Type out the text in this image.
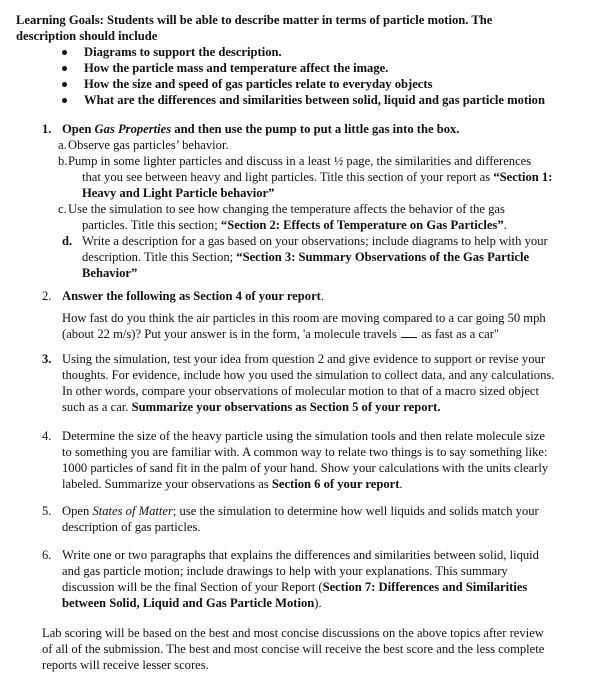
Learning Goals: Students will be able to describe matter in terms of particle motion. The
description should include
Diagrams to support the description.
How the particle mass and temperature affect the image.
How the size and speed of gas particles relate to everyday objects
What are the differences and similarities between solid, liquid and gas particle motion
1. Open Gas Properties and then use the pump to put a little gas into the box.
a. Observe gas particles’ behavior.
b. Pump in some lighter particles and discuss in a least ½ page, the similarities and differences
that you see between heavy and light particles. Title this section of your report as “Section 1:
Heavy and Light Particle behavior”
c. Use the simulation to see how changing the temperature affects the behavior of the gas
particles. Title this section; “Section 2: Effects of Temperature on Gas Particles”.
d. Write a description for a gas based on your observations; include diagrams to help with your
description. Title this Section; “Section 3: Summary Observations of the Gas Particle
Behavior”
2. Answer the following as Section 4 of your report.
How fast do you think the air particles in this room are moving compared to a car going 50 mph
(about 22 m/s)? Put your answer is in the form, 'a molecule travels as fast as a car"
3. Using the simulation, test your idea from question 2 and give evidence to support or revise your
thoughts. For evidence, include how you used the simulation to collect data, and any calculations.
In other words, compare your observations of molecular motion to that of a macro sized object
such as a car. Summarize your observations as Section 5 of your report.
4. Determine the size of the heavy particle using the simulation tools and then relate molecule size
to something you are familiar with. A common way to relate two things is to say something like:
1000 particles of sand fit in the palm of your hand. Show your calculations with the units clearly
labeled. Summarize your observations as Section 6 of your report.
5. Open States of Matter; use the simulation to determine how well liquids and solids match your
description of gas particles.
6. Write one or two paragraphs that explains the differences and similarities between solid, liquid
and gas particle motion; include drawings to help with your explanations. This summary
discussion will be the final Section of your Report (Section 7: Differences and Similarities
between Solid, Liquid and Gas Particle Motion).
Lab scoring will be based on the best and most concise discussions on the above topics after review
of all of the submission. The best and most concise will receive the best score and the less complete
reports will receive lesser scores.
